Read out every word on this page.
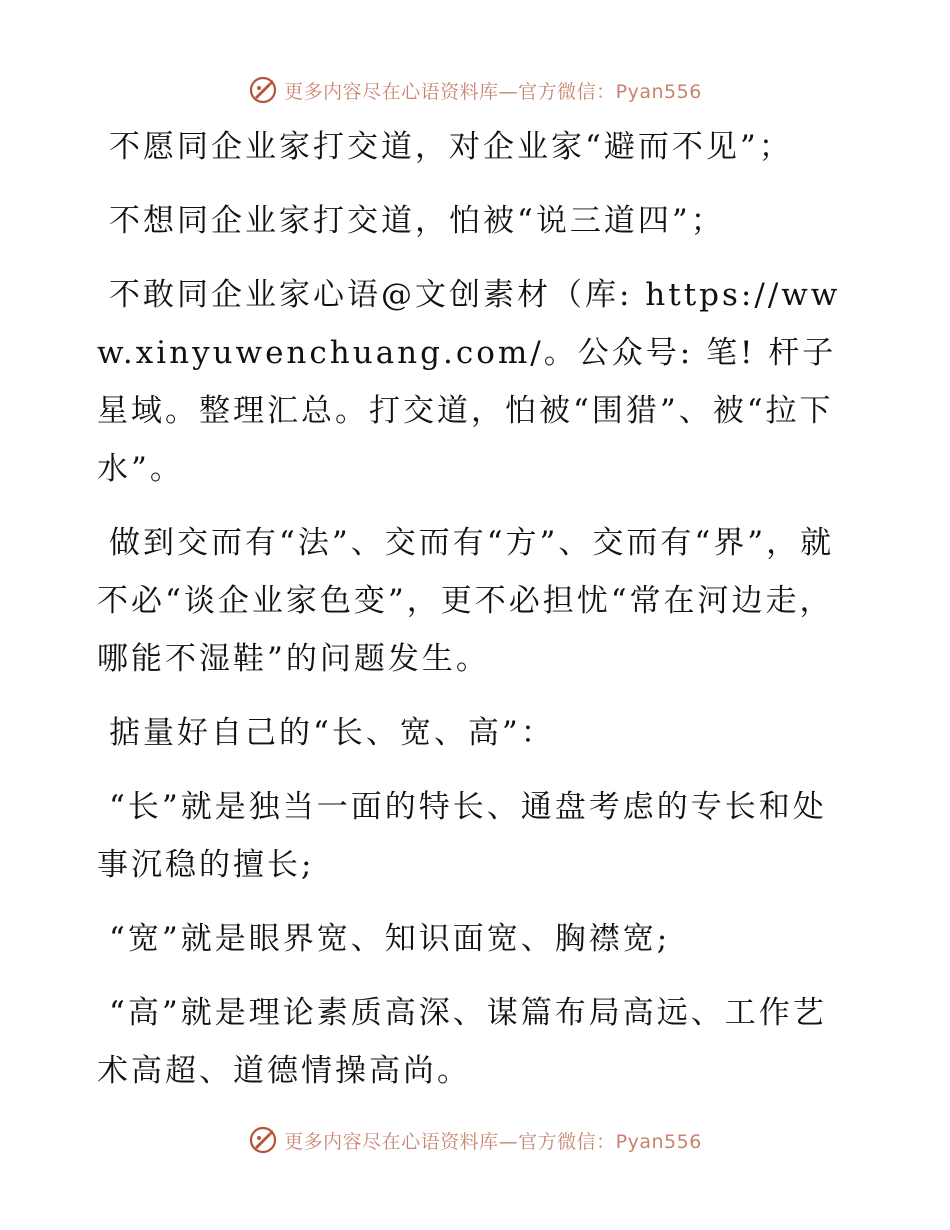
更多内容尽在心语资料库—官方微信：Pyan556

不愿同企业家打交道，对企业家“避而不见”；

不想同企业家打交道，怕被“说三道四”；

不敢同企业家心语@文创素材（库: https://www.xinyuwenchuang.com/。公众号: 笔! 杆子星域。整理汇总。打交道，怕被“围猎”、被“拉下水”。

做到交而有“法”、交而有“方”、交而有“界”，就不必“谈企业家色变”，更不必担忧“常在河边走，哪能不湿鞋”的问题发生。

掂量好自己的“长、宽、高”：

“长”就是独当一面的特长、通盘考虑的专长和处事沉稳的擅长;

“宽”就是眼界宽、知识面宽、胸襟宽;

“高”就是理论素质高深、谋篇布局高远、工作艺术高超、道德情操高尚。

更多内容尽在心语资料库—官方微信：Pyan556
